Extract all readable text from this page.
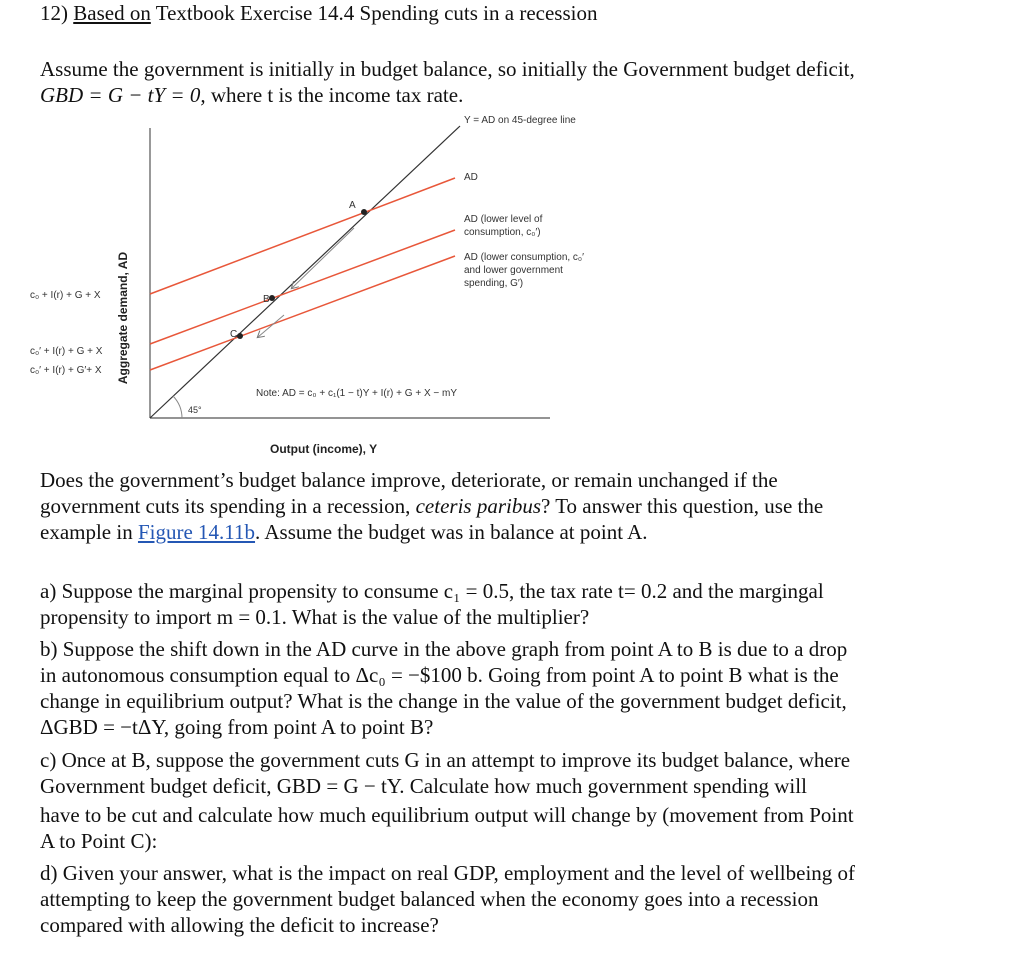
12) Based on Textbook Exercise 14.4 Spending cuts in a recession
Assume the government is initially in budget balance, so initially the Government budget deficit,
GBD = G − tY = 0, where t is the income tax rate.
Aggregate demand, AD
Output (income), Y
Y = AD on 45-degree line
45°
AD
AD (lower level of
consumption, c₀′)
AD (lower consumption, c₀′
and lower government
spending, G′)
c₀ + I(r) + G + X
c₀′ + I(r) + G + X
c₀′ + I(r) + G′+ X
A
B
C
Note: AD = c₀ + c₁(1 − t)Y + I(r) + G + X − mY
Does the government’s budget balance improve, deteriorate, or remain unchanged if the
government cuts its spending in a recession, ceteris paribus? To answer this question, use the
example in Figure 14.11b. Assume the budget was in balance at point A.
a) Suppose the marginal propensity to consume c₁ = 0.5, the tax rate t= 0.2 and the margingal
propensity to import m = 0.1. What is the value of the multiplier?
b) Suppose the shift down in the AD curve in the above graph from point A to B is due to a drop
in autonomous consumption equal to Δc₀ = −$100 b. Going from point A to point B what is the
change in equilibrium output? What is the change in the value of the government budget deficit,
ΔGBD = −tΔY, going from point A to point B?
c) Once at B, suppose the government cuts G in an attempt to improve its budget balance, where
Government budget deficit, GBD = G − tY. Calculate how much government spending will
have to be cut and calculate how much equilibrium output will change by (movement from Point
A to Point C):
d) Given your answer, what is the impact on real GDP, employment and the level of wellbeing of
attempting to keep the government budget balanced when the economy goes into a recession
compared with allowing the deficit to increase?
